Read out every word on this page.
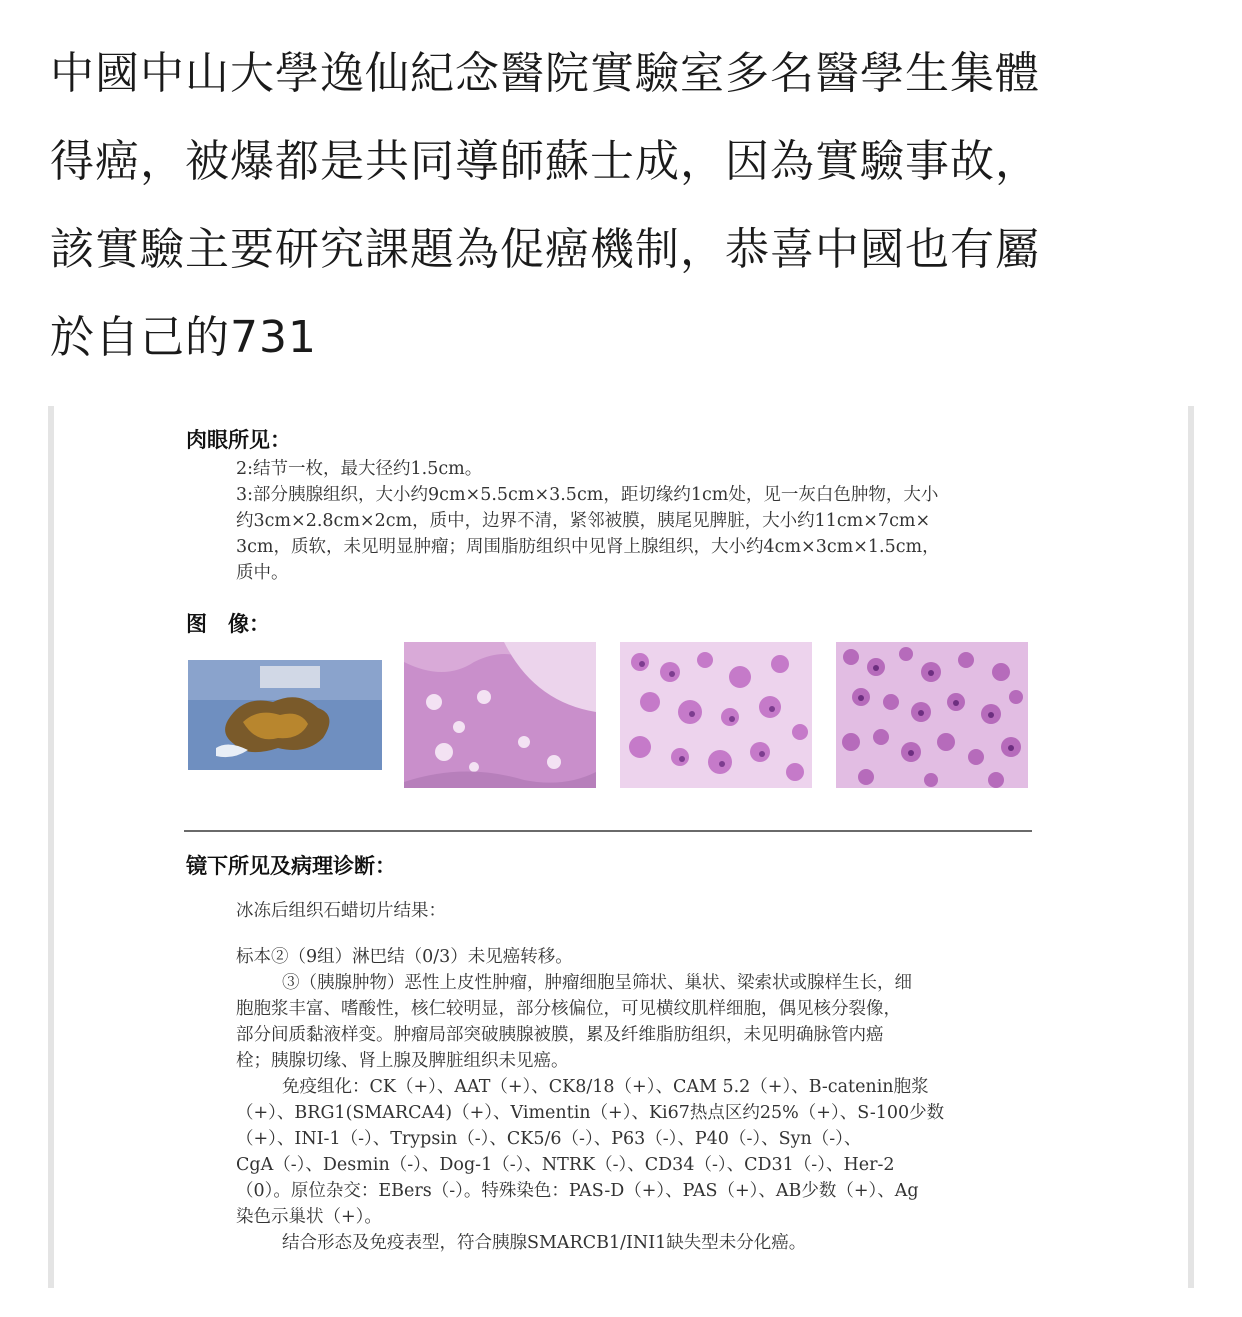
中國中山大學逸仙紀念醫院實驗室多名醫學生集體
得癌，被爆都是共同導師蘇士成，因為實驗事故，
該實驗主要研究課題為促癌機制，恭喜中國也有屬
於自己的731
肉眼所见：
2:结节一枚，最大径约1.5cm。
3:部分胰腺组织，大小约9cm×5.5cm×3.5cm，距切缘约1cm处，见一灰白色肿物，大小
约3cm×2.8cm×2cm，质中，边界不清，紧邻被膜，胰尾见脾脏，大小约11cm×7cm×
3cm，质软，未见明显肿瘤；周围脂肪组织中见肾上腺组织，大小约4cm×3cm×1.5cm，
质中。
图　像：
镜下所见及病理诊断：
冰冻后组织石蜡切片结果：
标本②（9组）淋巴结（0/3）未见癌转移。
③（胰腺肿物）恶性上皮性肿瘤，肿瘤细胞呈筛状、巢状、梁索状或腺样生长，细
胞胞浆丰富、嗜酸性，核仁较明显，部分核偏位，可见横纹肌样细胞，偶见核分裂像，
部分间质黏液样变。肿瘤局部突破胰腺被膜，累及纤维脂肪组织，未见明确脉管内癌
栓；胰腺切缘、肾上腺及脾脏组织未见癌。
免疫组化：CK（+）、AAT（+）、CK8/18（+）、CAM 5.2（+）、B-catenin胞浆
（+）、BRG1(SMARCA4)（+）、Vimentin（+）、Ki67热点区约25%（+）、S-100少数
（+）、INI-1（-）、Trypsin（-）、CK5/6（-）、P63（-）、P40（-）、Syn（-）、
CgA（-）、Desmin（-）、Dog-1（-）、NTRK（-）、CD34（-）、CD31（-）、Her-2
（0）。原位杂交：EBers（-）。特殊染色：PAS-D（+）、PAS（+）、AB少数（+）、Ag
染色示巢状（+）。
结合形态及免疫表型，符合胰腺SMARCB1/INI1缺失型未分化癌。
